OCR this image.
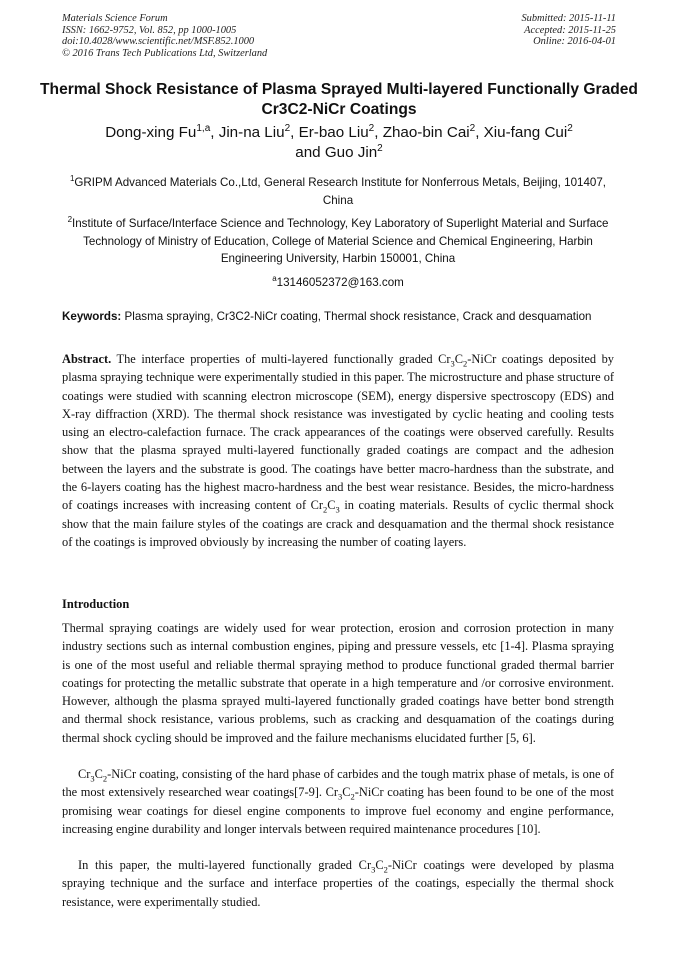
Materials Science Forum
ISSN: 1662-9752, Vol. 852, pp 1000-1005
doi:10.4028/www.scientific.net/MSF.852.1000
© 2016 Trans Tech Publications Ltd, Switzerland
Submitted: 2015-11-11
Accepted: 2015-11-25
Online: 2016-04-01
Thermal Shock Resistance of Plasma Sprayed Multi-layered Functionally Graded Cr3C2-NiCr Coatings
Dong-xing Fu$^{1,a}$, Jin-na Liu$^2$, Er-bao Liu$^2$, Zhao-bin Cai$^2$, Xiu-fang Cui$^2$
and Guo Jin$^2$
$^1$GRIPM Advanced Materials Co.,Ltd, General Research Institute for Nonferrous Metals, Beijing, 101407, China
$^2$Institute of Surface/Interface Science and Technology, Key Laboratory of Superlight Material and Surface Technology of Ministry of Education, College of Material Science and Chemical Engineering, Harbin Engineering University, Harbin 150001, China
$^a$13146052372@163.com
Keywords: Plasma spraying, Cr3C2-NiCr coating, Thermal shock resistance, Crack and desquamation
Abstract. The interface properties of multi-layered functionally graded $Cr_3C_2$-NiCr coatings deposited by plasma spraying technique were experimentally studied in this paper. The microstructure and phase structure of coatings were studied with scanning electron microscope (SEM), energy dispersive spectroscopy (EDS) and X-ray diffraction (XRD). The thermal shock resistance was investigated by cyclic heating and cooling tests using an electro-calefaction furnace. The crack appearances of the coatings were observed carefully. Results show that the plasma sprayed multi-layered functionally graded coatings are compact and the adhesion between the layers and the substrate is good. The coatings have better macro-hardness than the substrate, and the 6-layers coating has the highest macro-hardness and the best wear resistance. Besides, the micro-hardness of coatings increases with increasing content of $Cr_2C_3$ in coating materials. Results of cyclic thermal shock show that the main failure styles of the coatings are crack and desquamation and the thermal shock resistance of the coatings is improved obviously by increasing the number of coating layers.
Introduction
Thermal spraying coatings are widely used for wear protection, erosion and corrosion protection in many industry sections such as internal combustion engines, piping and pressure vessels, etc [1-4]. Plasma spraying is one of the most useful and reliable thermal spraying method to produce functional graded thermal barrier coatings for protecting the metallic substrate that operate in a high temperature and /or corrosive environment. However, although the plasma sprayed multi-layered functionally graded coatings have better bond strength and thermal shock resistance, various problems, such as cracking and desquamation of the coatings during thermal shock cycling should be improved and the failure mechanisms elucidated further [5, 6].
$Cr_3C_2$-NiCr coating, consisting of the hard phase of carbides and the tough matrix phase of metals, is one of the most extensively researched wear coatings[7-9]. $Cr_3C_2$-NiCr coating has been found to be one of the most promising wear coatings for diesel engine components to improve fuel economy and engine performance, increasing engine durability and longer intervals between required maintenance procedures [10].
In this paper, the multi-layered functionally graded $Cr_3C_2$-NiCr coatings were developed by plasma spraying technique and the surface and interface properties of the coatings, especially the thermal shock resistance, were experimentally studied.
